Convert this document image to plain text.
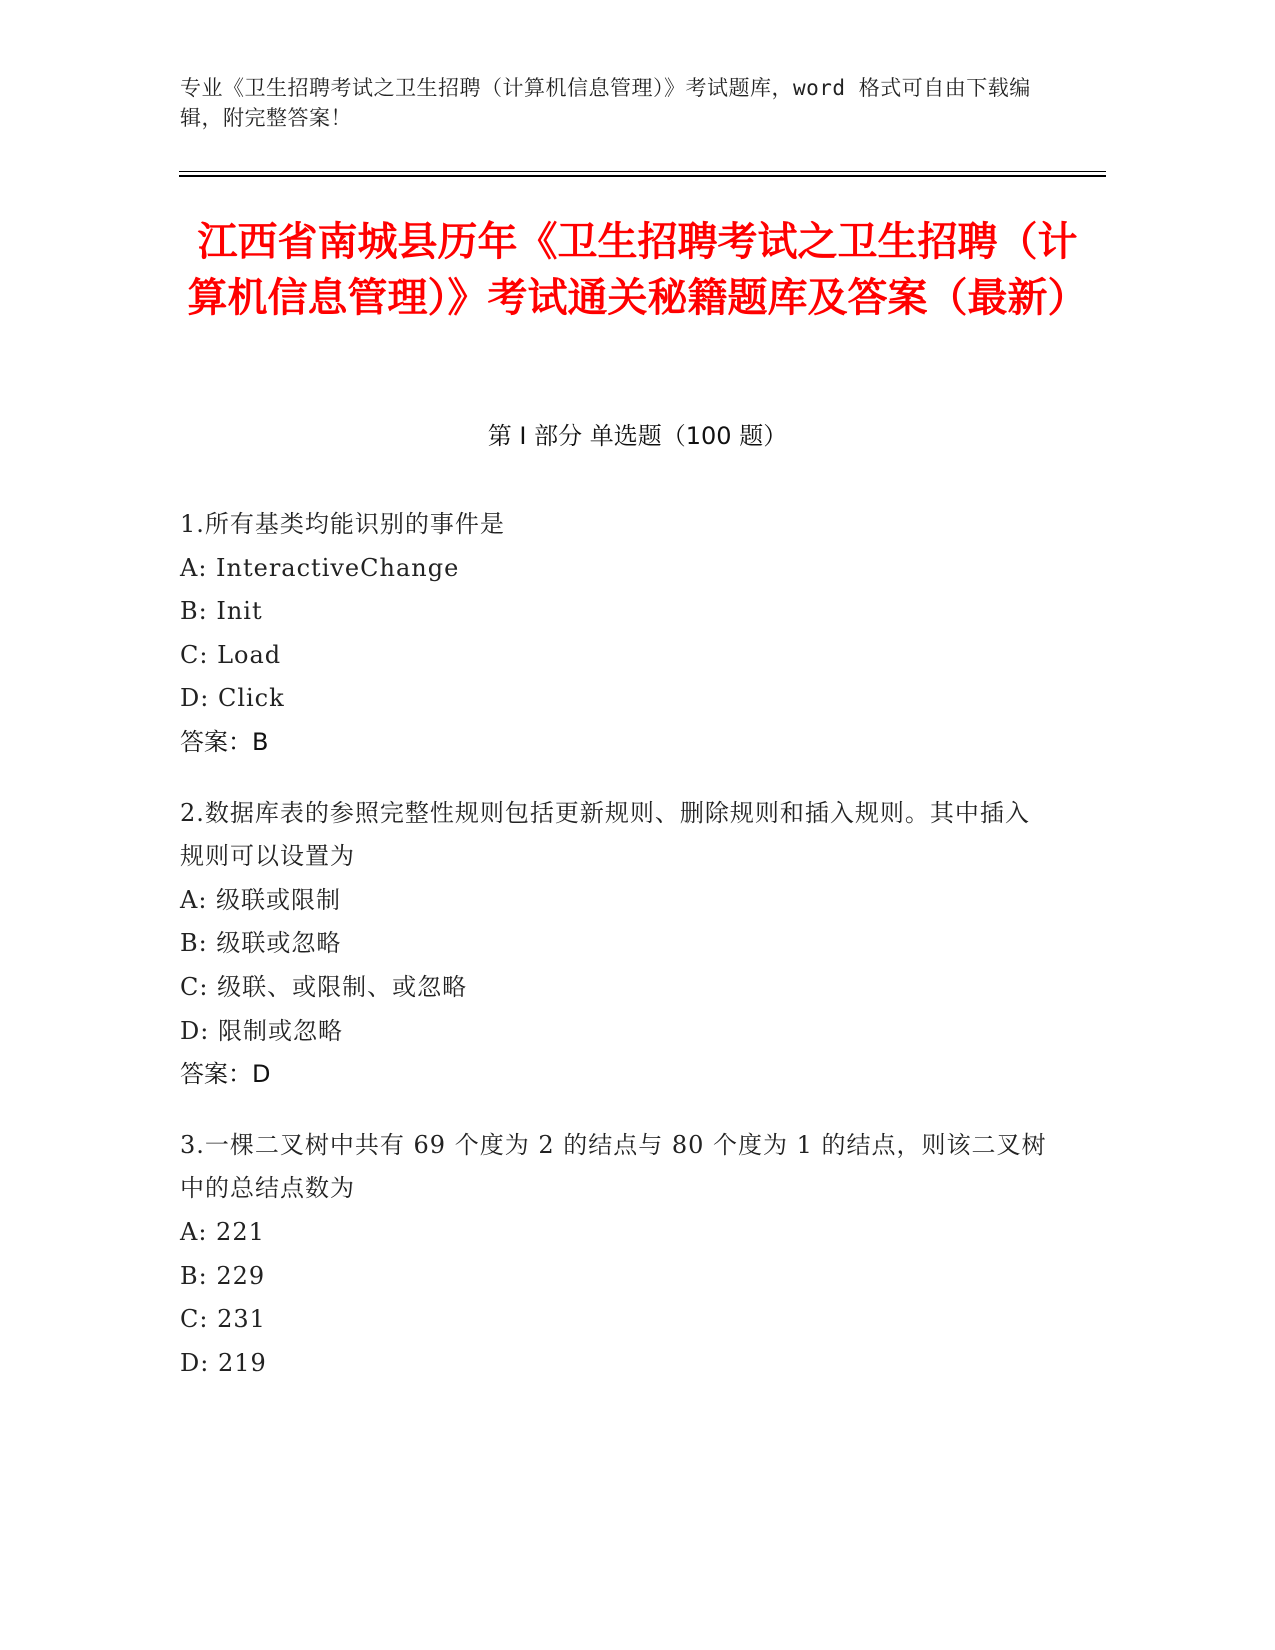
专业《卫生招聘考试之卫生招聘（计算机信息管理）》考试题库，word 格式可自由下载编辑，附完整答案！
江西省南城县历年《卫生招聘考试之卫生招聘（计算机信息管理）》考试通关秘籍题库及答案（最新）
第 I 部分 单选题（100 题）
1.所有基类均能识别的事件是
A: InteractiveChange
B: Init
C: Load
D: Click
答案：B
2.数据库表的参照完整性规则包括更新规则、删除规则和插入规则。其中插入规则可以设置为
A: 级联或限制
B: 级联或忽略
C: 级联、或限制、或忽略
D: 限制或忽略
答案：D
3.一棵二叉树中共有 69 个度为 2 的结点与 80 个度为 1 的结点，则该二叉树中的总结点数为
A: 221
B: 229
C: 231
D: 219
